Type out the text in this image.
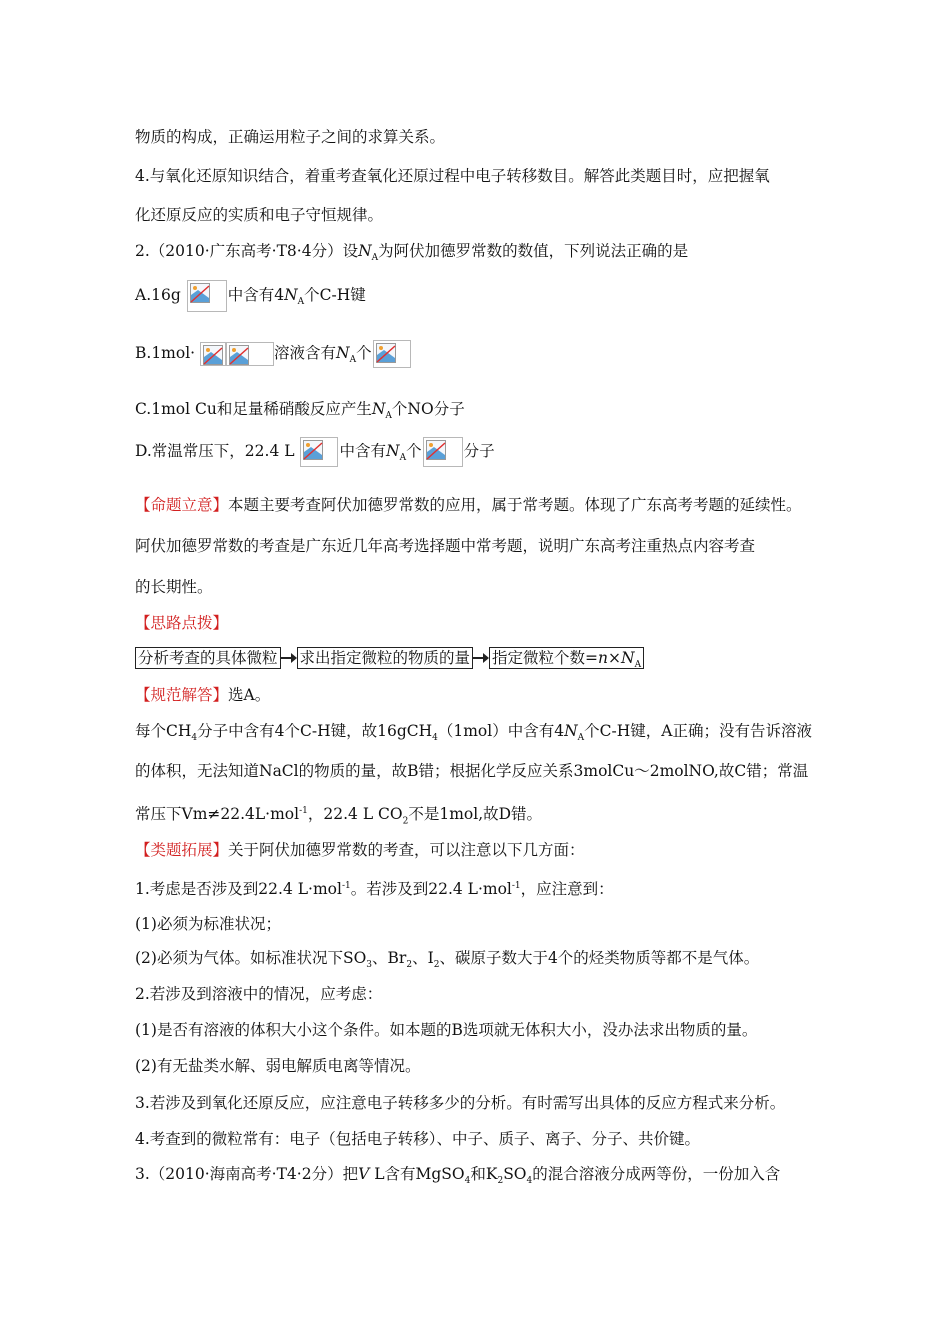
物质的构成，正确运用粒子之间的求算关系。
4.与氧化还原知识结合，着重考查氧化还原过程中电子转移数目。解答此类题目时，应把握氧
化还原反应的实质和电子守恒规律。
2.（2010·广东高考·T8·4分）设$N_A$为阿伏加德罗常数的数值，下列说法正确的是
A.16g	中含有$4N_A$个C-H键
B.1mol·	溶液含有$N_A$个
C.1mol Cu和足量稀硝酸反应产生$N_A$个NO分子
D.常温常压下，22.4 L	中含有$N_A$个	分子
【命题立意】本题主要考查阿伏加德罗常数的应用，属于常考题。体现了广东高考考题的延续性。
阿伏加德罗常数的考查是广东近几年高考选择题中常考题，说明广东高考注重热点内容考查
的长期性。
【思路点拨】
分析考查的具体微粒 求出指定微粒的物质的量 指定微粒个数$=n\times N_A$
【规范解答】选A。
每个$CH_4$分子中含有4个C-H键，故16gCH$_4$（1mol）中含有$4N_A$个C-H键，A正确；没有告诉溶液
的体积，无法知道NaCl的物质的量，故B错；根据化学反应关系3molCu～2molNO,故C错；常温
常压下Vm≠22.4L·mol$^{-1}$，22.4 L $CO_2$不是1mol,故D错。
【类题拓展】关于阿伏加德罗常数的考查，可以注意以下几方面：
1.考虑是否涉及到22.4 L·mol$^{-1}$。若涉及到22.4 L·mol$^{-1}$，应注意到：
(1)必须为标准状况；
(2)必须为气体。如标准状况下$SO_3$、$Br_2$、$I_2$、碳原子数大于4个的烃类物质等都不是气体。
2.若涉及到溶液中的情况，应考虑：
(1)是否有溶液的体积大小这个条件。如本题的B选项就无体积大小，没办法求出物质的量。
(2)有无盐类水解、弱电解质电离等情况。
3.若涉及到氧化还原反应，应注意电子转移多少的分析。有时需写出具体的反应方程式来分析。
4.考查到的微粒常有：电子（包括电子转移）、中子、质子、离子、分子、共价键。
3.（2010·海南高考·T4·2分）把V L含有MgSO$_4$和$K_2SO_4$的混合溶液分成两等份，一份加入含
